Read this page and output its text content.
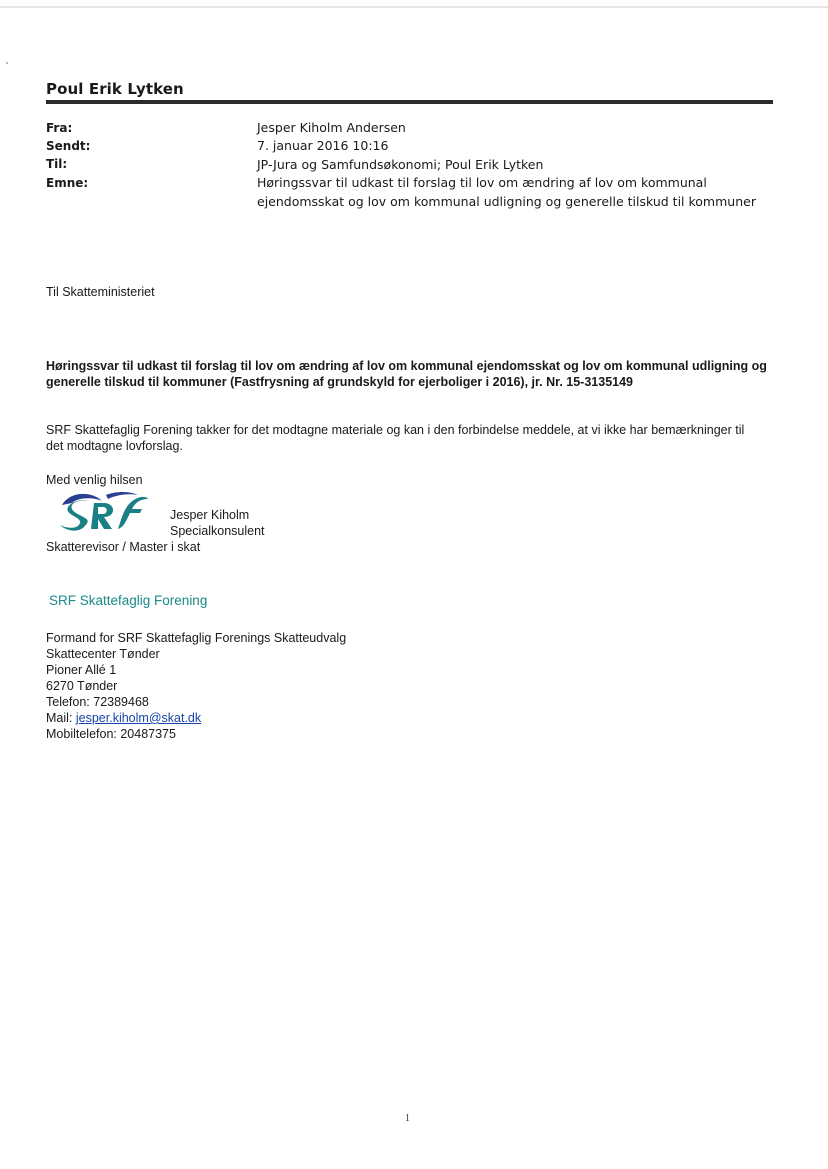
Poul Erik Lytken
Fra:
Sendt:
Til:
Emne:
Jesper Kiholm Andersen
7. januar 2016 10:16
JP-Jura og Samfundsøkonomi; Poul Erik Lytken
Høringssvar til udkast til forslag til lov om ændring af lov om kommunal ejendomsskat og lov om kommunal udligning og generelle tilskud til kommuner
Til Skatteministeriet
Høringssvar til udkast til forslag til lov om ændring af lov om kommunal ejendomsskat og lov om kommunal udligning og generelle tilskud til kommuner (Fastfrysning af grundskyld for ejerboliger i 2016), jr. Nr. 15-3135149
SRF Skattefaglig Forening takker for det modtagne materiale og kan i den forbindelse meddele, at vi ikke har bemærkninger til det modtagne lovforslag.
Med venlig hilsen
Jesper Kiholm
Specialkonsulent
Skatterevisor / Master i skat
SRF Skattefaglig Forening
Formand for SRF Skattefaglig Forenings Skatteudvalg
Skattecenter Tønder
Pioner Allé 1
6270 Tønder
Telefon: 72389468
Mail: jesper.kiholm@skat.dk
Mobiltelefon: 20487375
1
